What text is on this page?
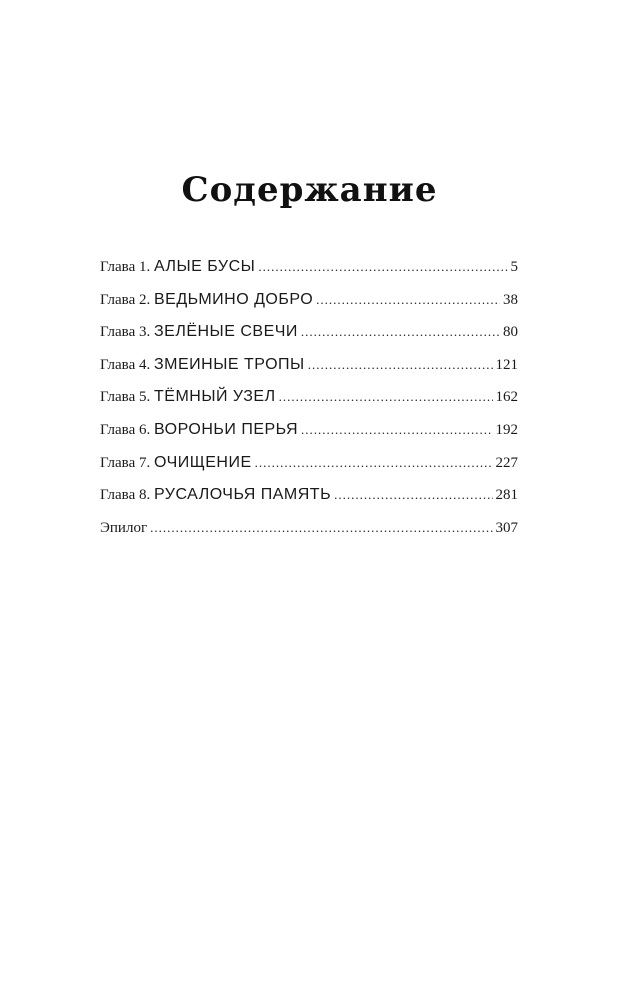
Содержание
Глава 1. АЛЫЕ БУСЫ .....	5
Глава 2. ВЕДЬМИНО ДОБРО .....	38
Глава 3. ЗЕЛЁНЫЕ СВЕЧИ .....	80
Глава 4. ЗМЕИНЫЕ ТРОПЫ .....	121
Глава 5. ТЁМНЫЙ УЗЕЛ .....	162
Глава 6. ВОРОНЬИ ПЕРЬЯ .....	192
Глава 7. ОЧИЩЕНИЕ .....	227
Глава 8. РУСАЛОЧЬЯ ПАМЯТЬ .....	281
Эпилог .....	307
